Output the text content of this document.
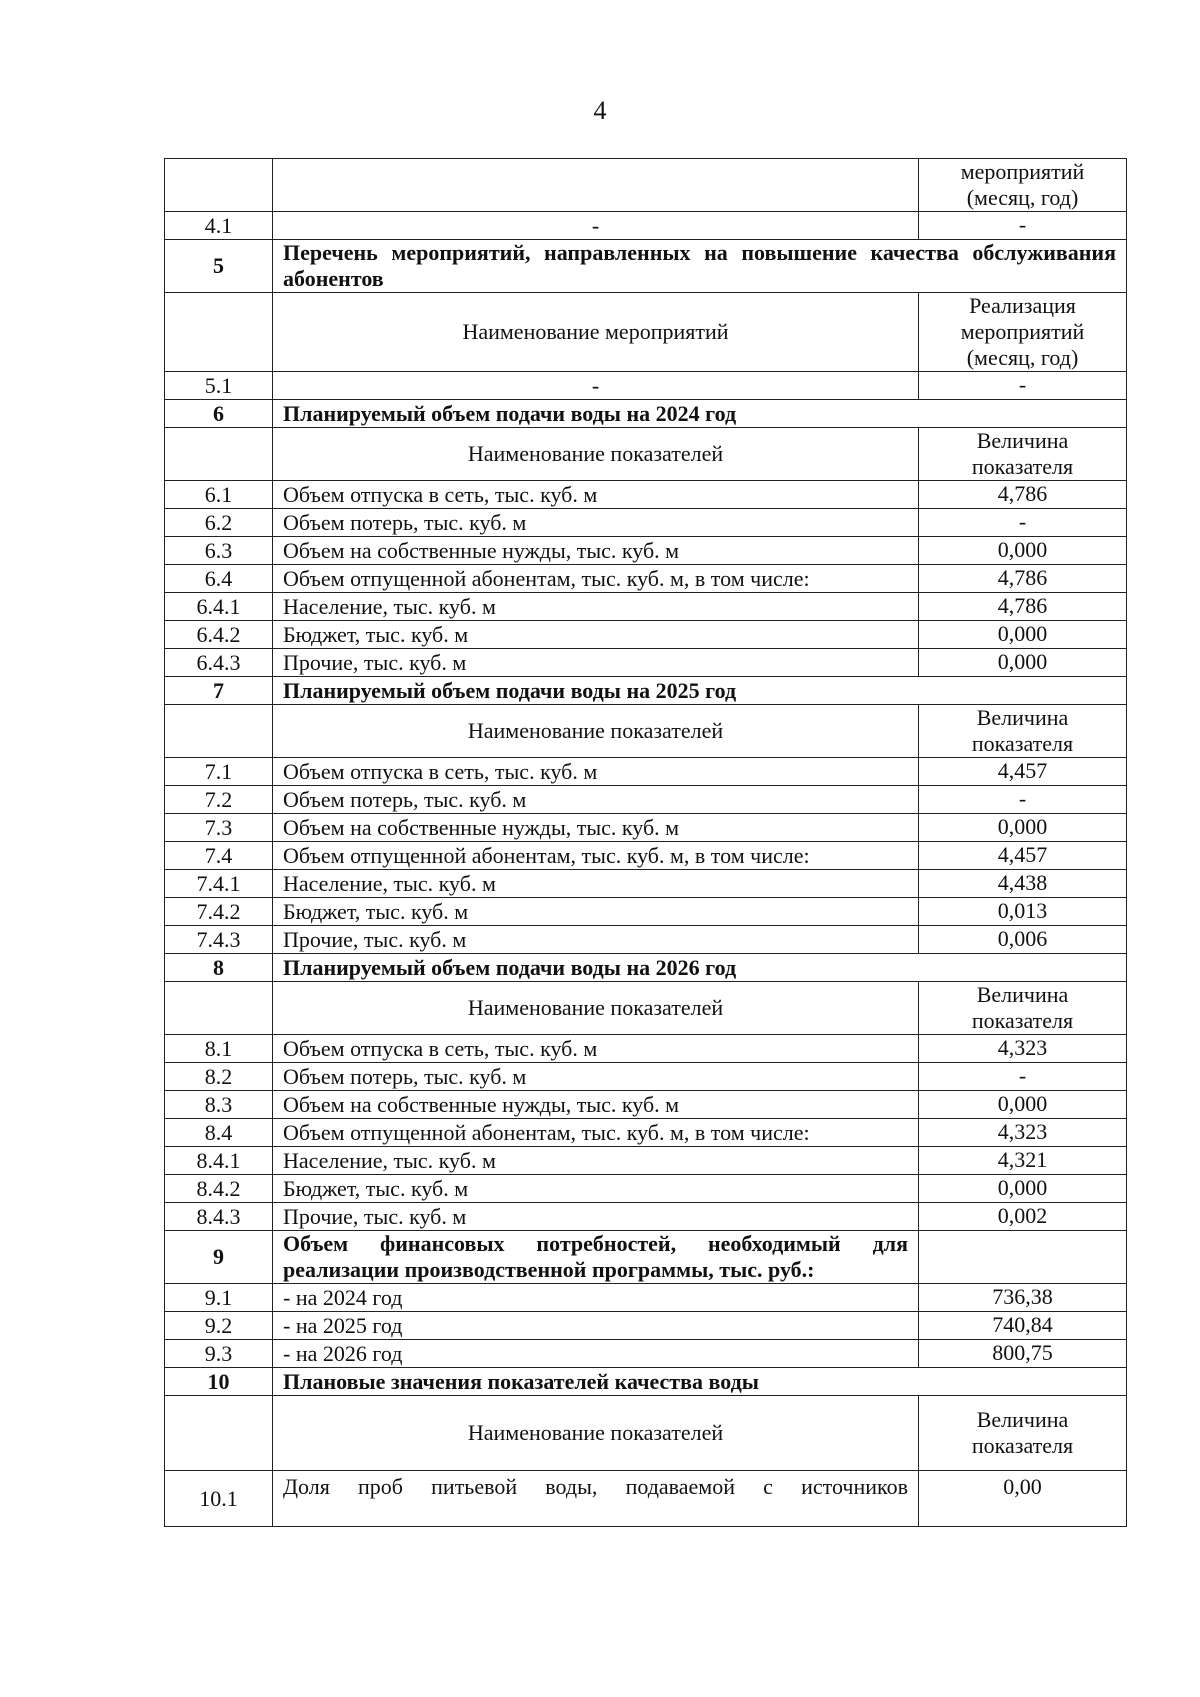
4
		мероприятий
(месяц, год)
4.1	-	-
5	Перечень мероприятий, направленных на повышение качества обслуживания абонентов	
	Наименование мероприятий	Реализация
мероприятий
(месяц, год)
5.1	-	-
6	Планируемый объем подачи воды на 2024 год	
	Наименование показателей	Величина
показателя
6.1	Объем отпуска в сеть, тыс. куб. м	4,786
6.2	Объем потерь, тыс. куб. м	-
6.3	Объем на собственные нужды, тыс. куб. м	0,000
6.4	Объем отпущенной абонентам, тыс. куб. м, в том числе:	4,786
6.4.1	Население, тыс. куб. м	4,786
6.4.2	Бюджет, тыс. куб. м	0,000
6.4.3	Прочие, тыс. куб. м	0,000
7	Планируемый объем подачи воды на 2025 год	
	Наименование показателей	Величина
показателя
7.1	Объем отпуска в сеть, тыс. куб. м	4,457
7.2	Объем потерь, тыс. куб. м	-
7.3	Объем на собственные нужды, тыс. куб. м	0,000
7.4	Объем отпущенной абонентам, тыс. куб. м, в том числе:	4,457
7.4.1	Население, тыс. куб. м	4,438
7.4.2	Бюджет, тыс. куб. м	0,013
7.4.3	Прочие, тыс. куб. м	0,006
8	Планируемый объем подачи воды на 2026 год	
	Наименование показателей	Величина
показателя
8.1	Объем отпуска в сеть, тыс. куб. м	4,323
8.2	Объем потерь, тыс. куб. м	-
8.3	Объем на собственные нужды, тыс. куб. м	0,000
8.4	Объем отпущенной абонентам, тыс. куб. м, в том числе:	4,323
8.4.1	Население, тыс. куб. м	4,321
8.4.2	Бюджет, тыс. куб. м	0,000
8.4.3	Прочие, тыс. куб. м	0,002
9	Объем финансовых потребностей, необходимый для реализации производственной программы, тыс. руб.:	
9.1	- на 2024 год	736,38
9.2	- на 2025 год	740,84
9.3	- на 2026 год	800,75
10	Плановые значения показателей качества воды	
	Наименование показателей	Величина
показателя
10.1	Доля проб питьевой воды, подаваемой с источников	0,00
